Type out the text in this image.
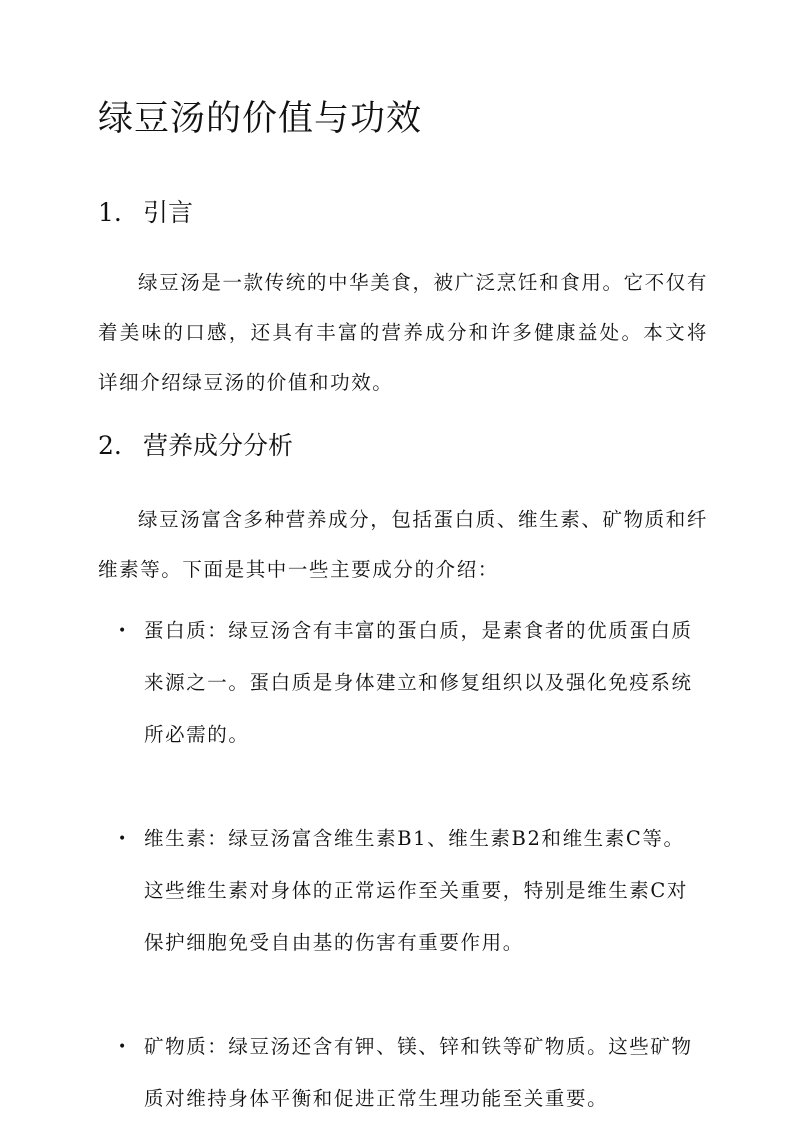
绿豆汤的价值与功效
1. 引言

绿豆汤是一款传统的中华美食，被广泛烹饪和食用。它不仅有着美味的口感，还具有丰富的营养成分和许多健康益处。本文将详细介绍绿豆汤的价值和功效。

2. 营养成分分析

绿豆汤富含多种营养成分，包括蛋白质、维生素、矿物质和纤维素等。下面是其中一些主要成分的介绍：

• 蛋白质：绿豆汤含有丰富的蛋白质，是素食者的优质蛋白质来源之一。蛋白质是身体建立和修复组织以及强化免疫系统所必需的。
• 维生素：绿豆汤富含维生素B1、维生素B2和维生素C等。这些维生素对身体的正常运作至关重要，特别是维生素C对保护细胞免受自由基的伤害有重要作用。
• 矿物质：绿豆汤还含有钾、镁、锌和铁等矿物质。这些矿物质对维持身体平衡和促进正常生理功能至关重要。
